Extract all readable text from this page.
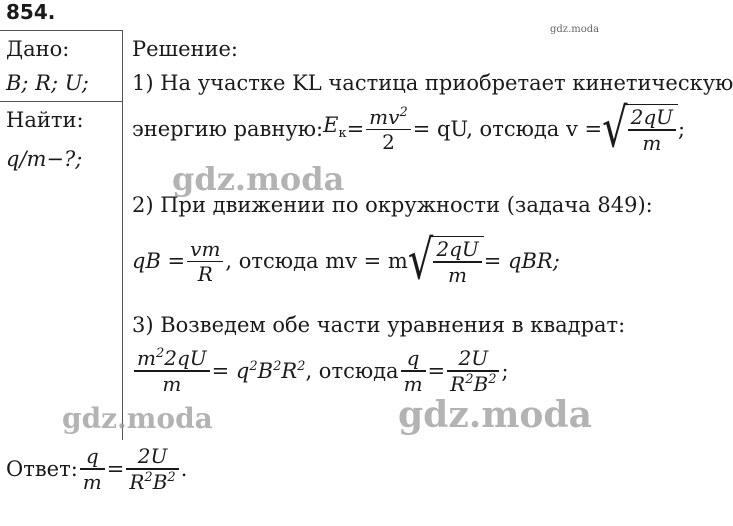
854.
Дано:
B; R; U;
Найти:
q/m−?;
Решение:
1) На участке KL частица приобретает кинетическую
энергию равную: $E_к = \frac{mv^2}{2}$ = qU, отсюда v = √ $\frac{2qU}{m}$ ;
2) При движении по окружности (задача 849):
qB = $\frac{vm}{R}$ , отсюда mv = m √ $\frac{2qU}{m}$ = qBR;
3) Возведем обе части уравнения в квадрат:
$\frac{m^22qU}{m} = q^2B^2R^2$ , отсюда $\frac{q}{m} = \frac{2U}{R^2B^2}$ ;
Ответ: $\frac{q}{m} = \frac{2U}{R^2B^2}$ .
gdz.moda
gdz.moda
gdz.moda	gdz.moda
